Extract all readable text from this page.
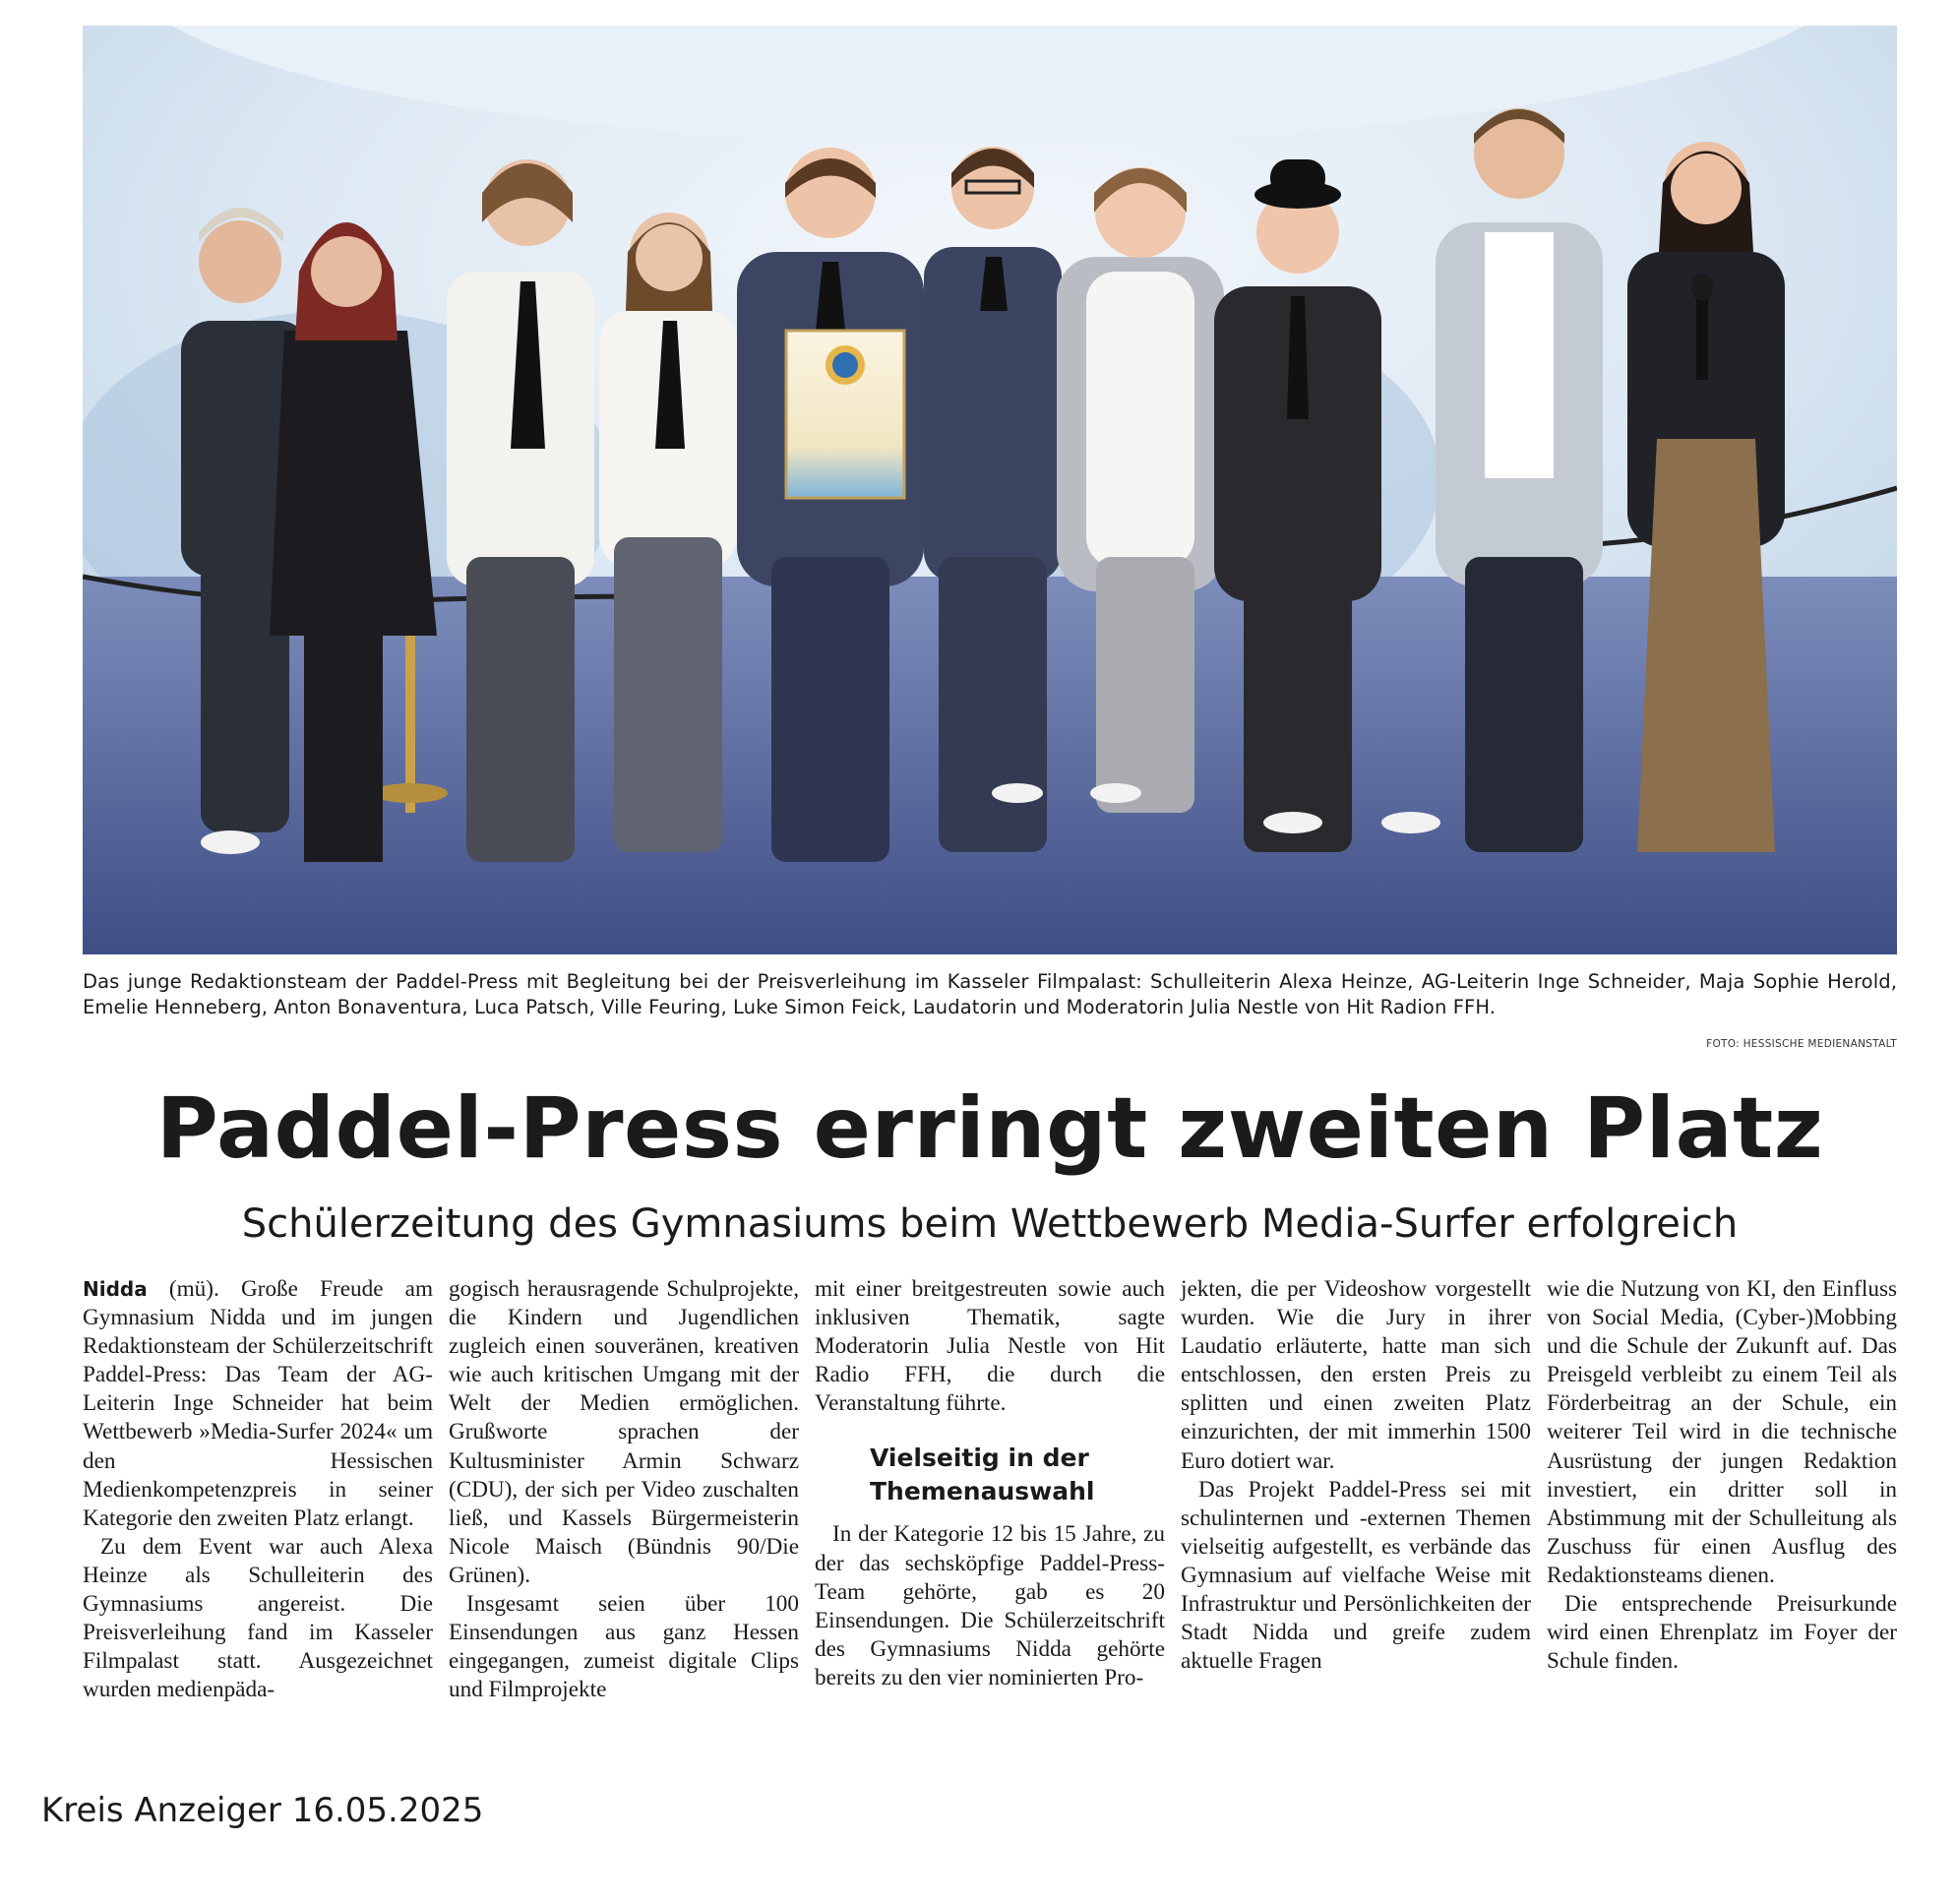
Das junge Redaktionsteam der Paddel-Press mit Begleitung bei der Preisverleihung im Kasseler Filmpalast: Schulleiterin Alexa Heinze, AG-Leiterin Inge Schneider, Maja Sophie Herold, Emelie Henneberg, Anton Bonaventura, Luca Patsch, Ville Feuring, Luke Simon Feick, Laudatorin und Moderatorin Julia Nestle von Hit Radion FFH.
FOTO: HESSISCHE MEDIENANSTALT
Paddel-Press erringt zweiten Platz
Schülerzeitung des Gymnasiums beim Wettbewerb Media-Surfer erfolgreich

Nidda (mü). Große Freude am Gymnasium Nidda und im jungen Redaktionsteam der Schülerzeitschrift Paddel-Press: Das Team der AG-Leiterin Inge Schneider hat beim Wettbewerb »Media-Surfer 2024« um den Hessischen Medienkompetenzpreis in seiner Kategorie den zweiten Platz erlangt.

Zu dem Event war auch Alexa Heinze als Schulleiterin des Gymnasiums angereist. Die Preisverleihung fand im Kasseler Filmpalast statt. Ausgezeichnet wurden medienpäda-

gogisch herausragende Schulprojekte, die Kindern und Jugendlichen zugleich einen souveränen, kreativen wie auch kritischen Umgang mit der Welt der Medien ermöglichen. Grußworte sprachen der Kultusminister Armin Schwarz (CDU), der sich per Video zuschalten ließ, und Kassels Bürgermeisterin Nicole Maisch (Bündnis 90/Die Grünen).

Insgesamt seien über 100 Einsendungen aus ganz Hessen eingegangen, zumeist digitale Clips und Filmprojekte

mit einer breitgestreuten sowie auch inklusiven Thematik, sagte Moderatorin Julia Nestle von Hit Radio FFH, die durch die Veranstaltung führte.

Vielseitig in der Themenauswahl

In der Kategorie 12 bis 15 Jahre, zu der das sechsköpfige Paddel-Press-Team gehörte, gab es 20 Einsendungen. Die Schülerzeitschrift des Gymnasiums Nidda gehörte bereits zu den vier nominierten Pro-

jekten, die per Videoshow vorgestellt wurden. Wie die Jury in ihrer Laudatio erläuterte, hatte man sich entschlossen, den ersten Preis zu splitten und einen zweiten Platz einzurichten, der mit immerhin 1500 Euro dotiert war.

Das Projekt Paddel-Press sei mit schulinternen und -externen Themen vielseitig aufgestellt, es verbände das Gymnasium auf vielfache Weise mit Infrastruktur und Persönlichkeiten der Stadt Nidda und greife zudem aktuelle Fragen

wie die Nutzung von KI, den Einfluss von Social Media, (Cyber-)Mobbing und die Schule der Zukunft auf. Das Preisgeld verbleibt zu einem Teil als Förderbeitrag an der Schule, ein weiterer Teil wird in die technische Ausrüstung der jungen Redaktion investiert, ein dritter soll in Abstimmung mit der Schulleitung als Zuschuss für einen Ausflug des Redaktionsteams dienen.

Die entsprechende Preisurkunde wird einen Ehrenplatz im Foyer der Schule finden.

Kreis Anzeiger 16.05.2025
